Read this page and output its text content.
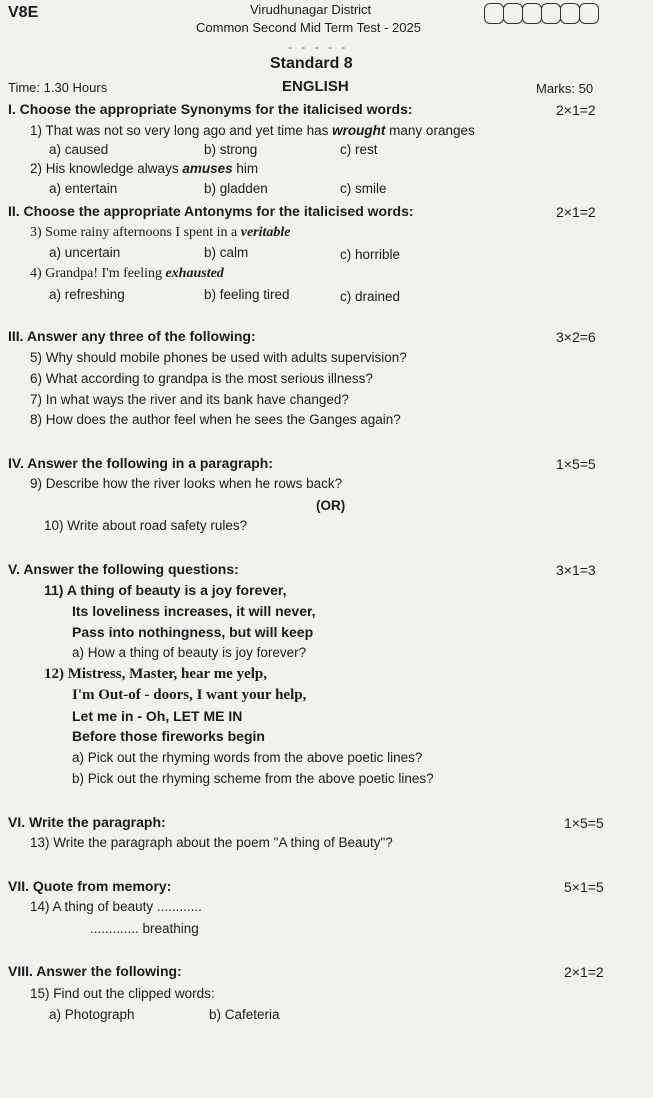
V8E	Virudhunagar District
Common Second Mid Term Test - 2025
- - - - -
Standard 8
Time: 1.30 Hours	ENGLISH	Marks: 50
I. Choose the appropriate Synonyms for the italicised words:	2×1=2
1) That was not so very long ago and yet time has wrought many oranges
a) caused	b) strong	c) rest
2) His knowledge always amuses him
a) entertain	b) gladden	c) smile
II. Choose the appropriate Antonyms for the italicised words:	2×1=2
3) Some rainy afternoons I spent in a veritable
a) uncertain	b) calm	c) horrible
4) Grandpa! I'm feeling exhausted
a) refreshing	b) feeling tired	c) drained
III. Answer any three of the following:	3×2=6
5) Why should mobile phones be used with adults supervision?
6) What according to grandpa is the most serious illness?
7) In what ways the river and its bank have changed?
8) How does the author feel when he sees the Ganges again?
IV. Answer the following in a paragraph:	1×5=5
9) Describe how the river looks when he rows back?
(OR)
10) Write about road safety rules?
V. Answer the following questions:	3×1=3
11) A thing of beauty is a joy forever,
Its loveliness increases, it will never,
Pass into nothingness, but will keep
a) How a thing of beauty is joy forever?
12) Mistress, Master, hear me yelp,
I'm Out-of - doors, I want your help,
Let me in - Oh, LET ME IN
Before those fireworks begin
a) Pick out the rhyming words from the above poetic lines?
b) Pick out the rhyming scheme from the above poetic lines?
VI. Write the paragraph:	1×5=5
13) Write the paragraph about the poem "A thing of Beauty"?
VII. Quote from memory:	5×1=5
14) A thing of beauty ............
............. breathing
VIII. Answer the following:	2×1=2
15) Find out the clipped words:
a) Photograph	b) Cafeteria
